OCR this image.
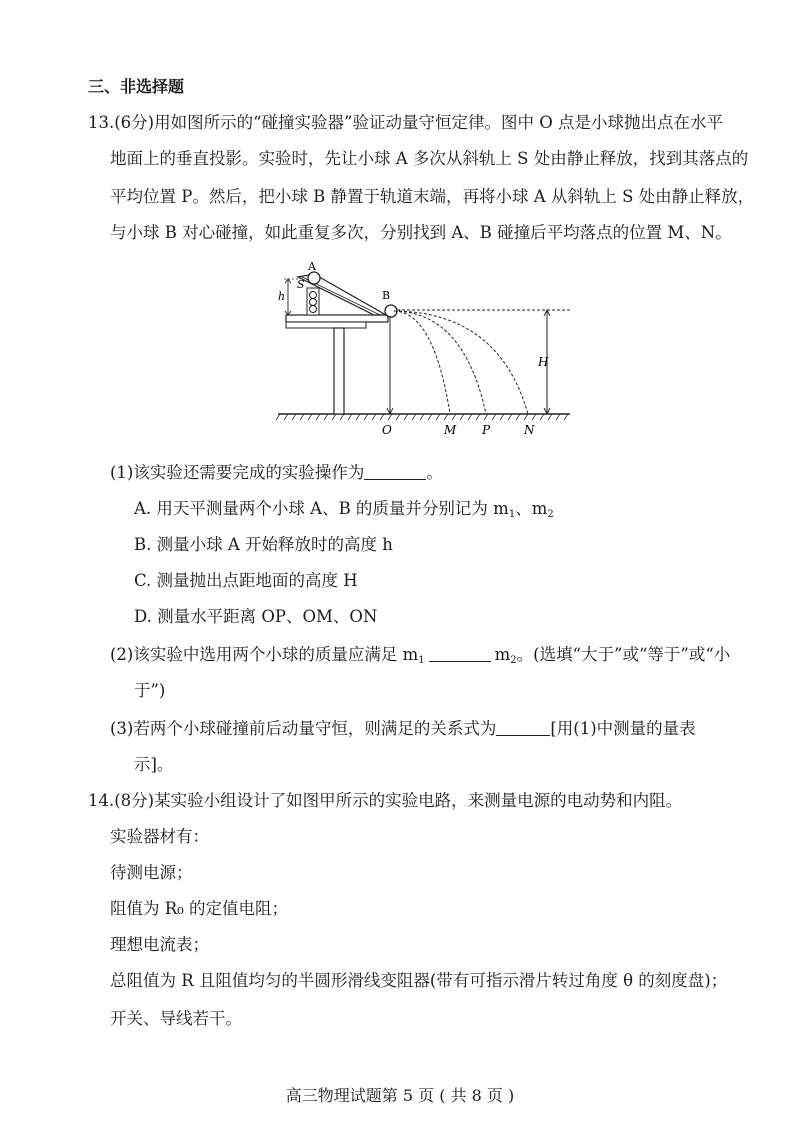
三、非选择题
13.(6分)用如图所示的“碰撞实验器”验证动量守恒定律。图中 O 点是小球抛出点在水平
地面上的垂直投影。实验时，先让小球 A 多次从斜轨上 S 处由静止释放，找到其落点的
平均位置 P。然后，把小球 B 静置于轨道末端，再将小球 A 从斜轨上 S 处由静止释放，
与小球 B 对心碰撞，如此重复多次，分别找到 A、B 碰撞后平均落点的位置 M、N。
A
S
h	B
H
O	M P	N
(1)该实验还需要完成的实验操作为	。
A. 用天平测量两个小球 A、B 的质量并分别记为 $m_1$、$m_2$
B. 测量小球 A 开始释放时的高度 h
C. 测量抛出点距地面的高度 H
D. 测量水平距离 OP、OM、ON
(2)该实验中选用两个小球的质量应满足 $m_1$	$m_2$。(选填“大于”或“等于”或“小
于”)
(3)若两个小球碰撞前后动量守恒，则满足的关系式为	[用(1)中测量的量表
示]。
14.(8分)某实验小组设计了如图甲所示的实验电路，来测量电源的电动势和内阻。
实验器材有：
待测电源；
阻值为 R₀ 的定值电阻；
理想电流表；
总阻值为 R 且阻值均匀的半圆形滑线变阻器(带有可指示滑片转过角度 θ 的刻度盘)；
开关、导线若干。
高三物理试题第 5 页 ( 共 8 页 )
